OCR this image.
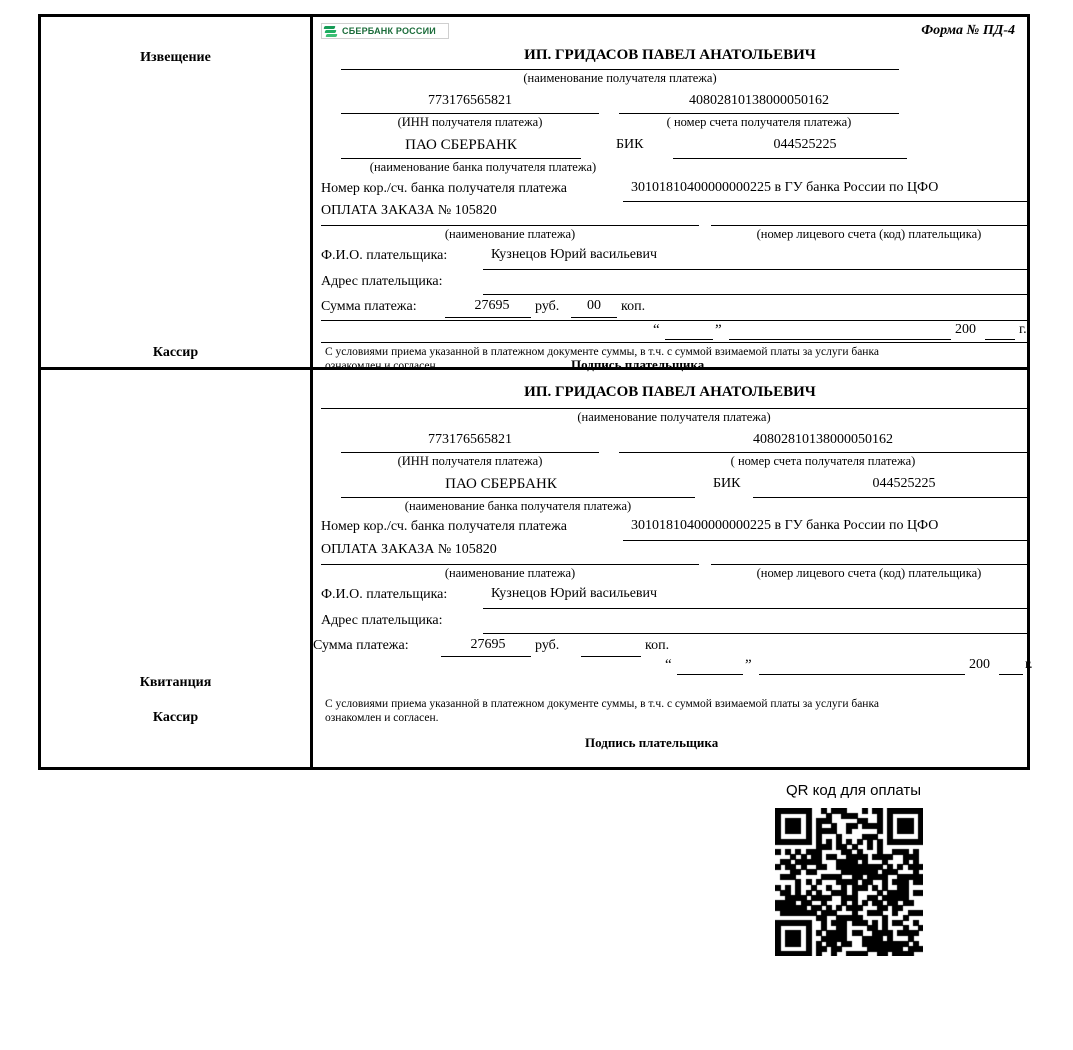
Извещение
Кассир
СБЕРБАНК РОССИИ	Форма № ПД-4
ИП. ГРИДАСОВ ПАВЕЛ АНАТОЛЬЕВИЧ
(наименование получателя платежа)
773176565821
(ИНН получателя платежа)
40802810138000050162
( номер счета получателя платежа)
ПАО СБЕРБАНК
(наименование банка получателя платежа)
БИК	044525225
Номер кор./сч. банка получателя платежа	30101810400000000225 в ГУ банка России по ЦФО
ОПЛАТА ЗАКАЗА № 105820
(наименование платежа)	(номер лицевого счета (код) плательщика)
Ф.И.О. плательщика:	Кузнецов Юрий васильевич
Адрес плательщика:
Сумма платежа:	27695	руб.	00	коп.
“	”	200	г.
С условиями приема указанной в платежном документе суммы, в т.ч. с суммой взимаемой платы за услуги банка
ознакомлен и согласен.	Подпись плательщика
Квитанция
Кассир
ИП. ГРИДАСОВ ПАВЕЛ АНАТОЛЬЕВИЧ
(наименование получателя платежа)
773176565821
(ИНН получателя платежа)
40802810138000050162
( номер счета получателя платежа)
ПАО СБЕРБАНК
(наименование банка получателя платежа)
БИК	044525225
Номер кор./сч. банка получателя платежа	30101810400000000225 в ГУ банка России по ЦФО
ОПЛАТА ЗАКАЗА № 105820
(наименование платежа)	(номер лицевого счета (код) плательщика)
Ф.И.О. плательщика:	Кузнецов Юрий васильевич
Адрес плательщика:
Сумма платежа:	27695	руб.	коп.
“	”	200	г.
С условиями приема указанной в платежном документе суммы, в т.ч. с суммой взимаемой платы за услуги банка
ознакомлен и согласен.
Подпись плательщика
QR код для оплаты
